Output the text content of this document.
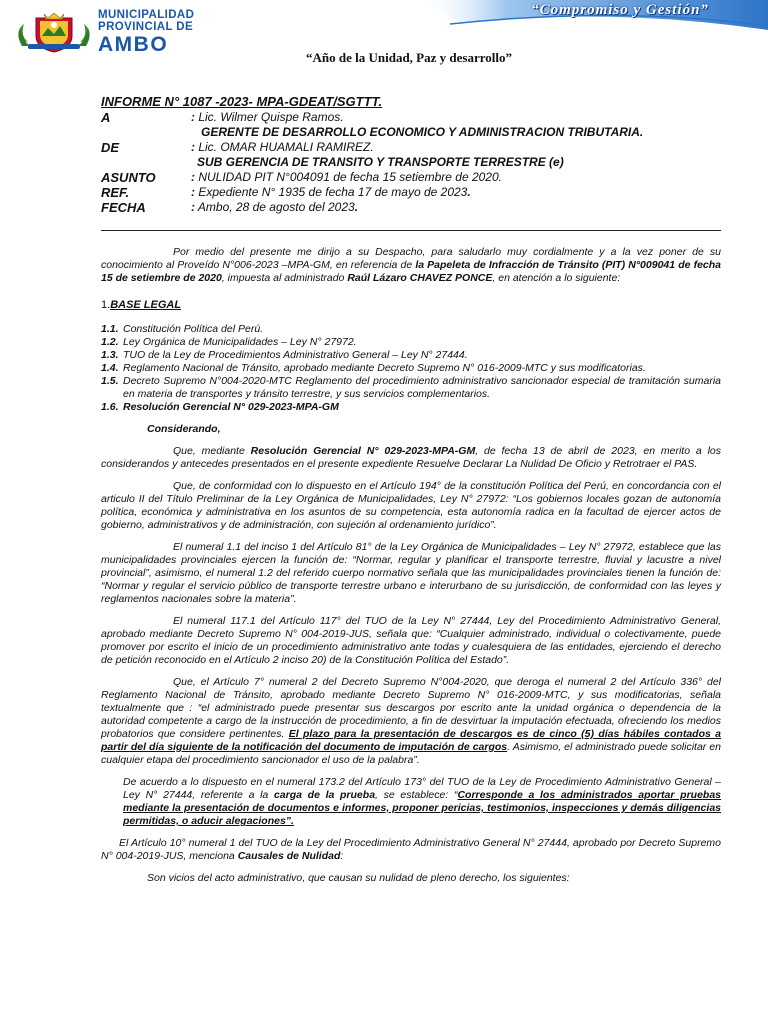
MUNICIPALIDAD
PROVINCIAL DE
AMBO
“Compromiso y Gestión”
“Año de la Unidad, Paz y desarrollo”
INFORME N° 1087 -2023- MPA-GDEAT/SGTTT.
A	: Lic. Wilmer Quispe Ramos.
GERENTE DE DESARROLLO ECONOMICO Y ADMINISTRACION TRIBUTARIA.
DE	: Lic. OMAR HUAMALI RAMIREZ.
SUB GERENCIA DE TRANSITO Y TRANSPORTE TERRESTRE (e)
ASUNTO	: NULIDAD PIT N°004091 de fecha 15 setiembre de 2020.
REF.	: Expediente N° 1935 de fecha 17 de mayo de 2023.
FECHA	: Ambo, 28 de agosto del 2023.

Por medio del presente me dirijo a su Despacho, para saludarlo muy cordialmente y a la vez poner de su conocimiento al Proveído N°006-2023 –MPA-GM, en referencia de la Papeleta de Infracción de Tránsito (PIT) N°009041 de fecha 15 de setiembre de 2020, impuesta al administrado Raúl Lázaro CHAVEZ PONCE, en atención a lo siguiente:

1.BASE LEGAL

1.1. Constitución Política del Perú.
1.2. Ley Orgánica de Municipalidades – Ley N° 27972.
1.3. TUO de la Ley de Procedimientos Administrativo General – Ley N° 27444.
1.4. Reglamento Nacional de Tránsito, aprobado mediante Decreto Supremo N° 016-2009-MTC y sus modificatorias.
1.5. Decreto Supremo N°004-2020-MTC Reglamento del procedimiento administrativo sancionador especial de tramitación sumaria en materia de transportes y tránsito terrestre, y sus servicios complementarios.
1.6. Resolución Gerencial N° 029-2023-MPA-GM

Considerando,

Que, mediante Resolución Gerencial N° 029-2023-MPA-GM, de fecha 13 de abril de 2023, en merito a los considerandos y antecedes presentados en el presente expediente Resuelve Declarar La Nulidad De Oficio y Retrotraer el PAS.

Que, de conformidad con lo dispuesto en el Artículo 194° de la constitución Política del Perú, en concordancia con el articulo II del Título Preliminar de la Ley Orgánica de Municipalidades, Ley N° 27972: “Los gobiernos locales gozan de autonomía política, económica y administrativa en los asuntos de su competencia, esta autonomía radica en la facultad de ejercer actos de gobierno, administrativos y de administración, con sujeción al ordenamiento jurídico”.

El numeral 1.1 del inciso 1 del Artículo 81° de la Ley Orgánica de Municipalidades – Ley N° 27972, establece que las municipalidades provinciales ejercen la función de: “Normar, regular y planificar el transporte terrestre, fluvial y lacustre a nivel provincial”, asimismo, el numeral 1.2 del referido cuerpo normativo señala que las municipalidades provinciales tienen la función de: “Normar y regular el servicio público de transporte terrestre urbano e interurbano de su jurisdicción, de conformidad con las leyes y reglamentos nacionales sobre la materia”.

El numeral 117.1 del Artículo 117° del TUO de la Ley N° 27444, Ley del Procedimiento Administrativo General, aprobado mediante Decreto Supremo N° 004-2019-JUS, señala que: “Cualquier administrado, individual o colectivamente, puede promover por escrito el inicio de un procedimiento administrativo ante todas y cualesquiera de las entidades, ejerciendo el derecho de petición reconocido en el Artículo 2 inciso 20) de la Constitución Política del Estado”.

Que, el Artículo 7° numeral 2 del Decreto Supremo N°004-2020, que deroga el numeral 2 del Artículo 336° del Reglamento Nacional de Tránsito, aprobado mediante Decreto Supremo N° 016-2009-MTC, y sus modificatorias, señala textualmente que : “el administrado puede presentar sus descargos por escrito ante la unidad orgánica o dependencia de la autoridad competente a cargo de la instrucción de procedimiento, a fin de desvirtuar la imputación efectuada, ofreciendo los medios probatorios que considere pertinentes. El plazo para la presentación de descargos es de cinco (5) días hábiles contados a partir del día siguiente de la notificación del documento de imputación de cargos. Asimismo, el administrado puede solicitar en cualquier etapa del procedimiento sancionador el uso de la palabra”.

De acuerdo a lo dispuesto en el numeral 173.2 del Artículo 173° del TUO de la Ley de Procedimiento Administrativo General – Ley N° 27444, referente a la carga de la prueba, se establece: “Corresponde a los administrados aportar pruebas mediante la presentación de documentos e informes, proponer pericias, testimonios, inspecciones y demás diligencias permitidas, o aducir alegaciones”.

El Artículo 10° numeral 1 del TUO de la Ley del Procedimiento Administrativo General N° 27444, aprobado por Decreto Supremo N° 004-2019-JUS, menciona Causales de Nulidad:

Son vicios del acto administrativo, que causan su nulidad de pleno derecho, los siguientes:
